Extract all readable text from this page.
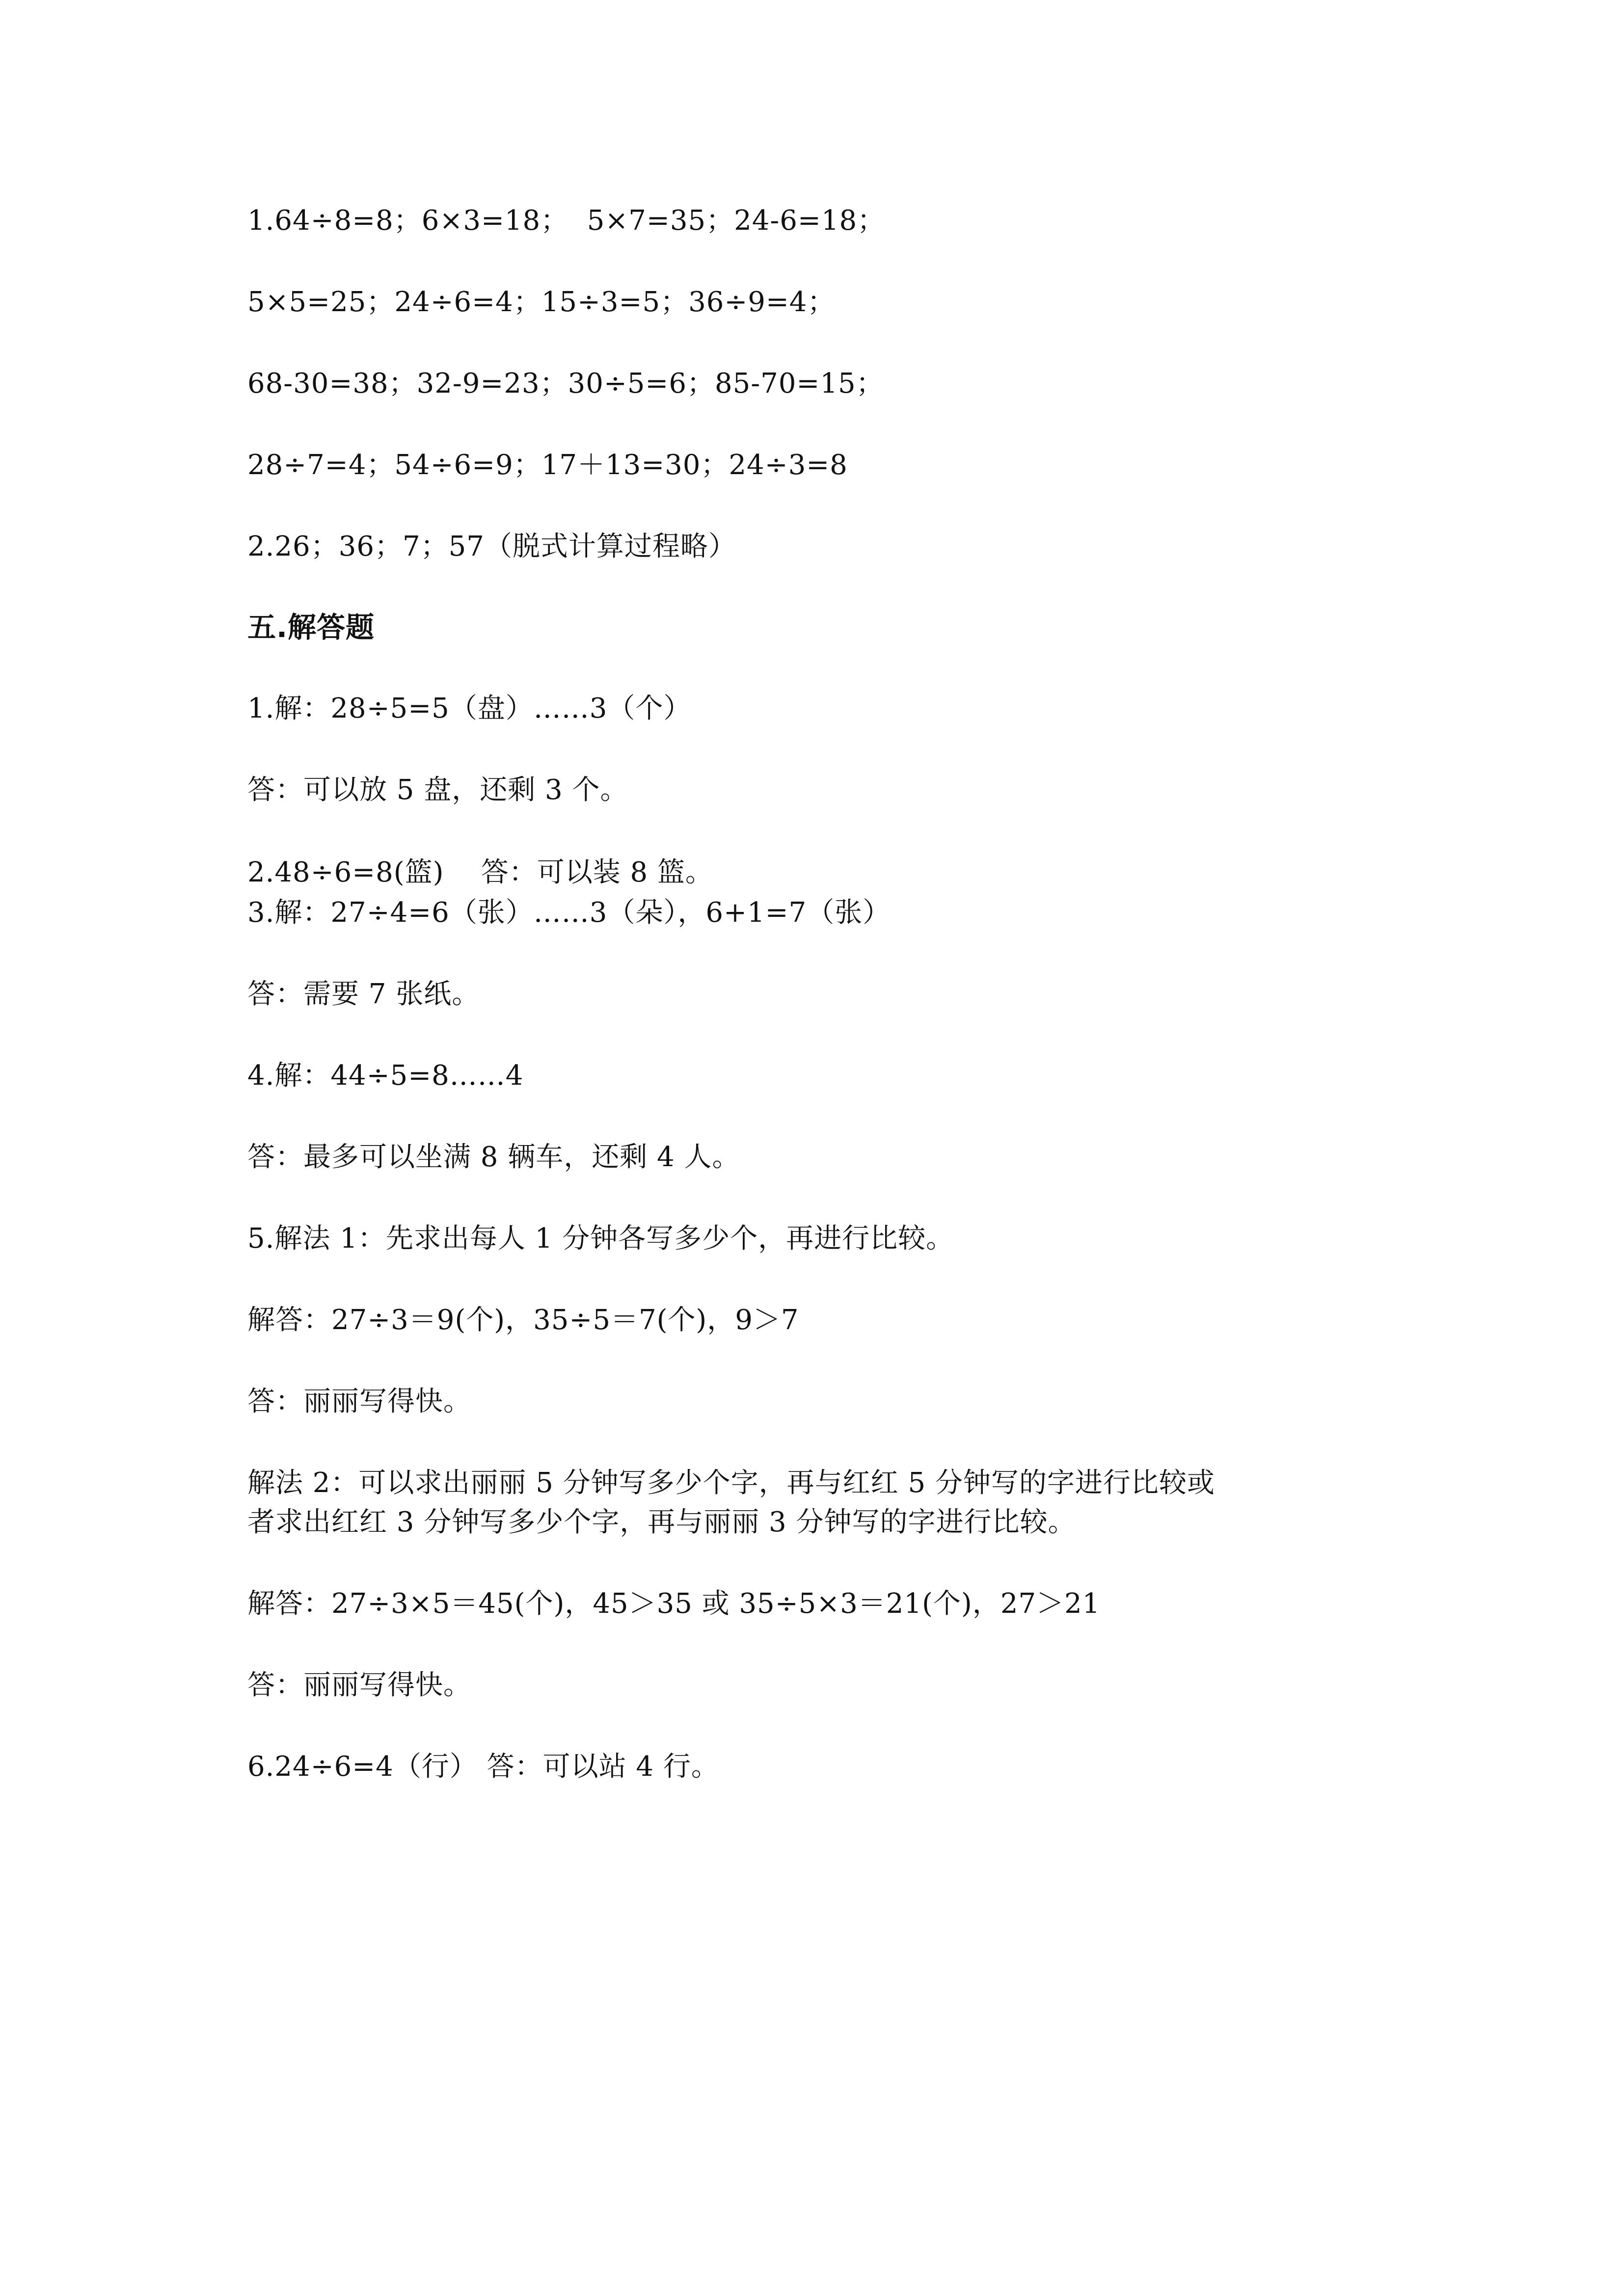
1.64÷8=8；6×3=18；  5×7=35；24-6=18；
5×5=25；24÷6=4；15÷3=5；36÷9=4；
68-30=38；32-9=23；30÷5=6；85-70=15；
28÷7=4；54÷6=9；17＋13=30；24÷3=8
2.26；36；7；57（脱式计算过程略）
五.解答题
1.解：28÷5=5（盘）……3（个）
答：可以放 5 盘，还剩 3 个。
2.48÷6=8(篮)    答：可以装 8 篮。
3.解：27÷4=6（张）……3（朵），6+1=7（张）
答：需要 7 张纸。
4.解：44÷5=8……4
答：最多可以坐满 8 辆车，还剩 4 人。
5.解法 1：先求出每人 1 分钟各写多少个，再进行比较。
解答：27÷3＝9(个)，35÷5＝7(个)，9＞7
答：丽丽写得快。
解法 2：可以求出丽丽 5 分钟写多少个字，再与红红 5 分钟写的字进行比较或
者求出红红 3 分钟写多少个字，再与丽丽 3 分钟写的字进行比较。
解答：27÷3×5＝45(个)，45＞35 或 35÷5×3＝21(个)，27＞21
答：丽丽写得快。
6.24÷6=4（行） 答：可以站 4 行。
